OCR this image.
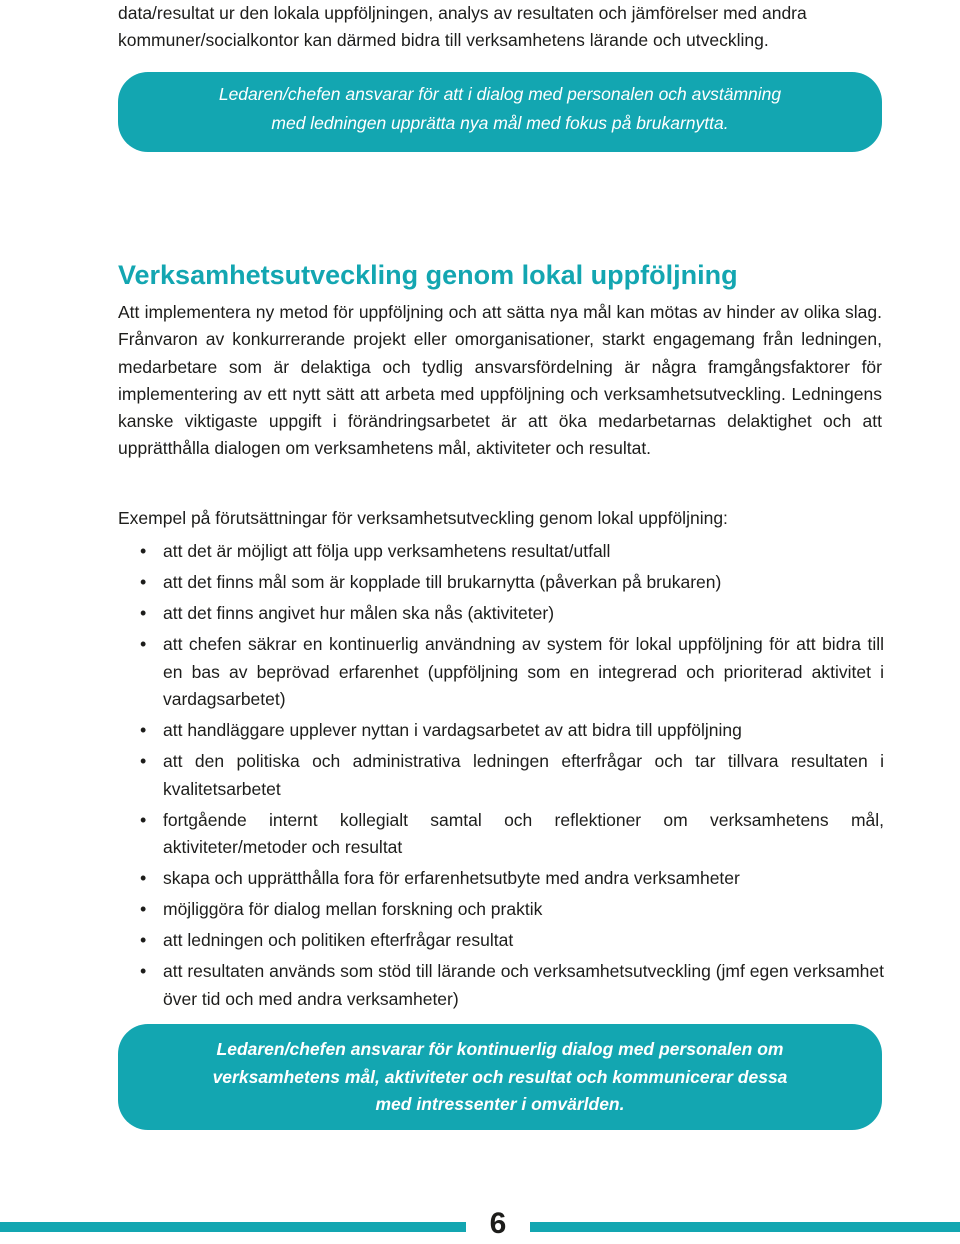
data/resultat ur den lokala uppföljningen, analys av resultaten och jämförelser med andra kommuner/socialkontor kan därmed bidra till verksamhetens lärande och utveckling.

Ledaren/chefen ansvarar för att i dialog med personalen och avstämning
med ledningen upprätta nya mål med fokus på brukarnytta.
Verksamhetsutveckling genom lokal uppföljning

Att implementera ny metod för uppföljning och att sätta nya mål kan mötas av hinder av olika slag. Frånvaron av konkurrerande projekt eller omorganisationer, starkt engagemang från ledningen, medarbetare som är delaktiga och tydlig ansvarsfördelning är några framgångsfaktorer för implementering av ett nytt sätt att arbeta med uppföljning och verksamhetsutveckling. Ledningens kanske viktigaste uppgift i förändringsarbetet är att öka medarbetarnas delaktighet och att upprätthålla dialogen om verksamhetens mål, aktiviteter och resultat.

Exempel på förutsättningar för verksamhetsutveckling genom lokal uppföljning:

• att det är möjligt att följa upp verksamhetens resultat/utfall
• att det finns mål som är kopplade till brukarnytta (påverkan på brukaren)
• att det finns angivet hur målen ska nås (aktiviteter)
• att chefen säkrar en kontinuerlig användning av system för lokal uppföljning för att bidra till en bas av beprövad erfarenhet (uppföljning som en integrerad och prioriterad aktivitet i vardagsarbetet)
• att handläggare upplever nyttan i vardagsarbetet av att bidra till uppföljning
• att den politiska och administrativa ledningen efterfrågar och tar tillvara resultaten i kvalitetsarbetet
• fortgående internt kollegialt samtal och reflektioner om verksamhetens mål, aktiviteter/metoder och resultat
• skapa och upprätthålla fora för erfarenhetsutbyte med andra verksamheter
• möjliggöra för dialog mellan forskning och praktik
• att ledningen och politiken efterfrågar resultat
• att resultaten används som stöd till lärande och verksamhetsutveckling (jmf egen verksamhet över tid och med andra verksamheter)
Ledaren/chefen ansvarar för kontinuerlig dialog med personalen om
verksamhetens mål, aktiviteter och resultat och kommunicerar dessa
med intressenter i omvärlden.
6
